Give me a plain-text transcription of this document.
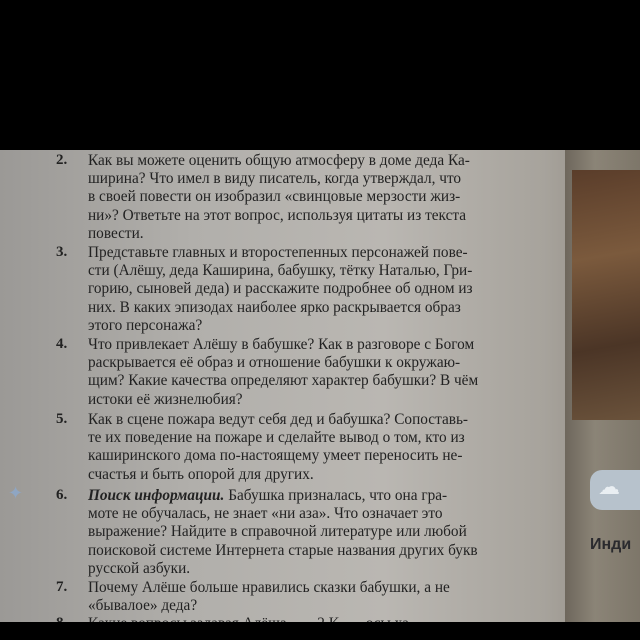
☁
Инди
✦
2. Как вы можете оценить общую атмосферу в доме деда Ка-
ширина? Что имел в виду писатель, когда утверждал, что
в своей повести он изобразил «свинцовые мерзости жиз-
ни»? Ответьте на этот вопрос, используя цитаты из текста
повести.
3. Представьте главных и второстепенных персонажей пове-
сти (Алёшу, деда Каширина, бабушку, тётку Наталью, Гри-
горию, сыновей деда) и расскажите подробнее об одном из
них. В каких эпизодах наиболее ярко раскрывается образ
этого персонажа?
4. Что привлекает Алёшу в бабушке? Как в разговоре с Богом
раскрывается её образ и отношение бабушки к окружаю-
щим? Какие качества определяют характер бабушки? В чём
истоки её жизнелюбия?
5. Как в сцене пожара ведут себя дед и бабушка? Сопоставь-
те их поведение на пожаре и сделайте вывод о том, кто из
каширинского дома по-настоящему умеет переносить не-
счастья и быть опорой для других.
6. Поиск информации. Бабушка призналась, что она гра-
моте не обучалась, не знает «ни аза». Что означает это
выражение? Найдите в справочной литературе или любой
поисковой системе Интернета старые названия других букв
русской азбуки.
7. Почему Алёше больше нравились сказки бабушки, а не
«бывалое» деда?
